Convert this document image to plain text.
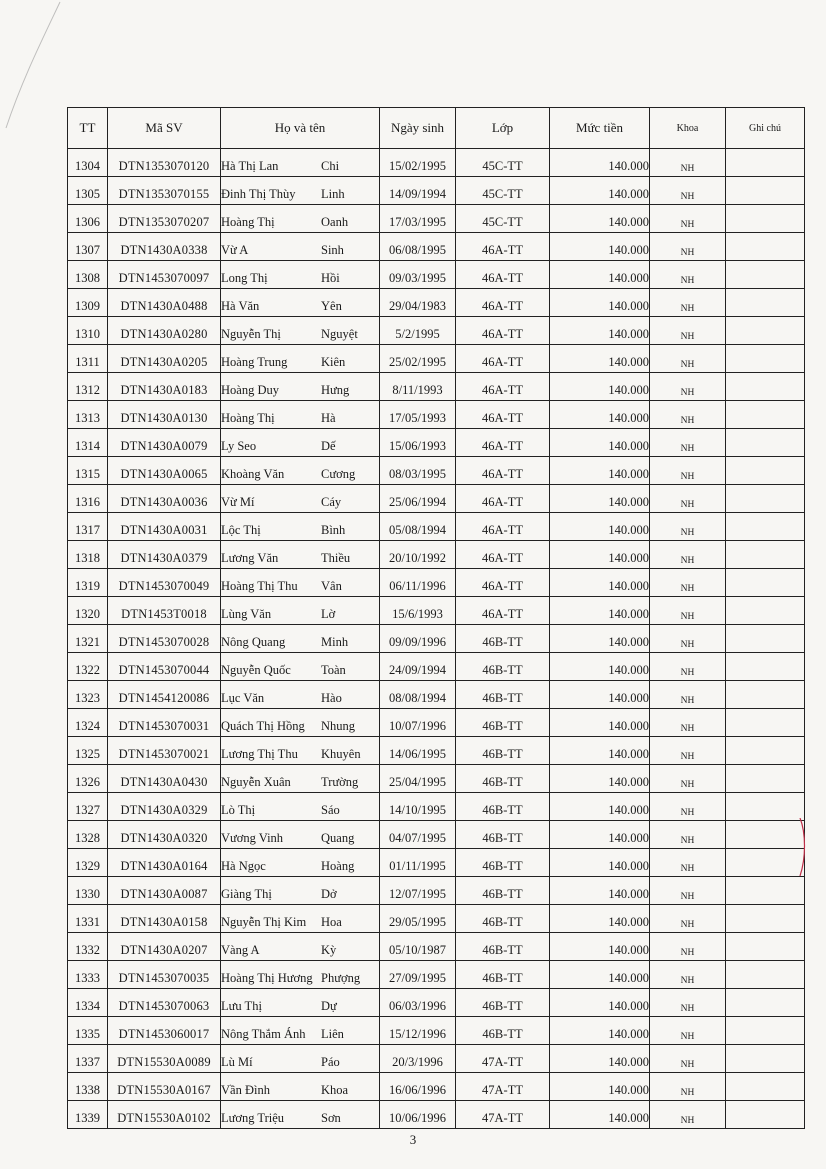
TT	Mã SV	Họ và tên	Ngày sinh	Lớp	Mức tiền	Khoa	Ghi chú
1304	DTN1353070120	Hà Thị Lan Chi	15/02/1995	45C-TT	140.000	NH	
1305	DTN1353070155	Đinh Thị Thùy Linh	14/09/1994	45C-TT	140.000	NH	
1306	DTN1353070207	Hoàng Thị Oanh	17/03/1995	45C-TT	140.000	NH	
1307	DTN1430A0338	Vừ A Sinh	06/08/1995	46A-TT	140.000	NH	
1308	DTN1453070097	Long Thị Hồi	09/03/1995	46A-TT	140.000	NH	
1309	DTN1430A0488	Hà Văn Yên	29/04/1983	46A-TT	140.000	NH	
1310	DTN1430A0280	Nguyễn Thị Nguyệt	5/2/1995	46A-TT	140.000	NH	
1311	DTN1430A0205	Hoàng Trung Kiên	25/02/1995	46A-TT	140.000	NH	
1312	DTN1430A0183	Hoàng Duy Hưng	8/11/1993	46A-TT	140.000	NH	
1313	DTN1430A0130	Hoàng Thị Hà	17/05/1993	46A-TT	140.000	NH	
1314	DTN1430A0079	Ly Seo Dế	15/06/1993	46A-TT	140.000	NH	
1315	DTN1430A0065	Khoàng Văn Cương	08/03/1995	46A-TT	140.000	NH	
1316	DTN1430A0036	Vừ Mí Cáy	25/06/1994	46A-TT	140.000	NH	
1317	DTN1430A0031	Lộc Thị Bình	05/08/1994	46A-TT	140.000	NH	
1318	DTN1430A0379	Lương Văn Thiều	20/10/1992	46A-TT	140.000	NH	
1319	DTN1453070049	Hoàng Thị Thu Vân	06/11/1996	46A-TT	140.000	NH	
1320	DTN1453T0018	Lùng Văn Lờ	15/6/1993	46A-TT	140.000	NH	
1321	DTN1453070028	Nông Quang Minh	09/09/1996	46B-TT	140.000	NH	
1322	DTN1453070044	Nguyễn Quốc Toàn	24/09/1994	46B-TT	140.000	NH	
1323	DTN1454120086	Lục Văn Hào	08/08/1994	46B-TT	140.000	NH	
1324	DTN1453070031	Quách Thị Hồng Nhung	10/07/1996	46B-TT	140.000	NH	
1325	DTN1453070021	Lương Thị Thu Khuyên	14/06/1995	46B-TT	140.000	NH	
1326	DTN1430A0430	Nguyễn Xuân Trường	25/04/1995	46B-TT	140.000	NH	
1327	DTN1430A0329	Lò Thị Sáo	14/10/1995	46B-TT	140.000	NH	
1328	DTN1430A0320	Vương Vinh Quang	04/07/1995	46B-TT	140.000	NH	
1329	DTN1430A0164	Hà Ngọc Hoàng	01/11/1995	46B-TT	140.000	NH	
1330	DTN1430A0087	Giàng Thị Dở	12/07/1995	46B-TT	140.000	NH	
1331	DTN1430A0158	Nguyễn Thị Kim Hoa	29/05/1995	46B-TT	140.000	NH	
1332	DTN1430A0207	Vàng A Kỳ	05/10/1987	46B-TT	140.000	NH	
1333	DTN1453070035	Hoàng Thị Hương Phượng	27/09/1995	46B-TT	140.000	NH	
1334	DTN1453070063	Lưu Thị Dự	06/03/1996	46B-TT	140.000	NH	
1335	DTN1453060017	Nông Thắm Ánh Liên	15/12/1996	46B-TT	140.000	NH	
1337	DTN15530A0089	Lù Mí Páo	20/3/1996	47A-TT	140.000	NH	
1338	DTN15530A0167	Vần Đình Khoa	16/06/1996	47A-TT	140.000	NH	
1339	DTN15530A0102	Lương Triệu Sơn	10/06/1996	47A-TT	140.000	NH	
3
